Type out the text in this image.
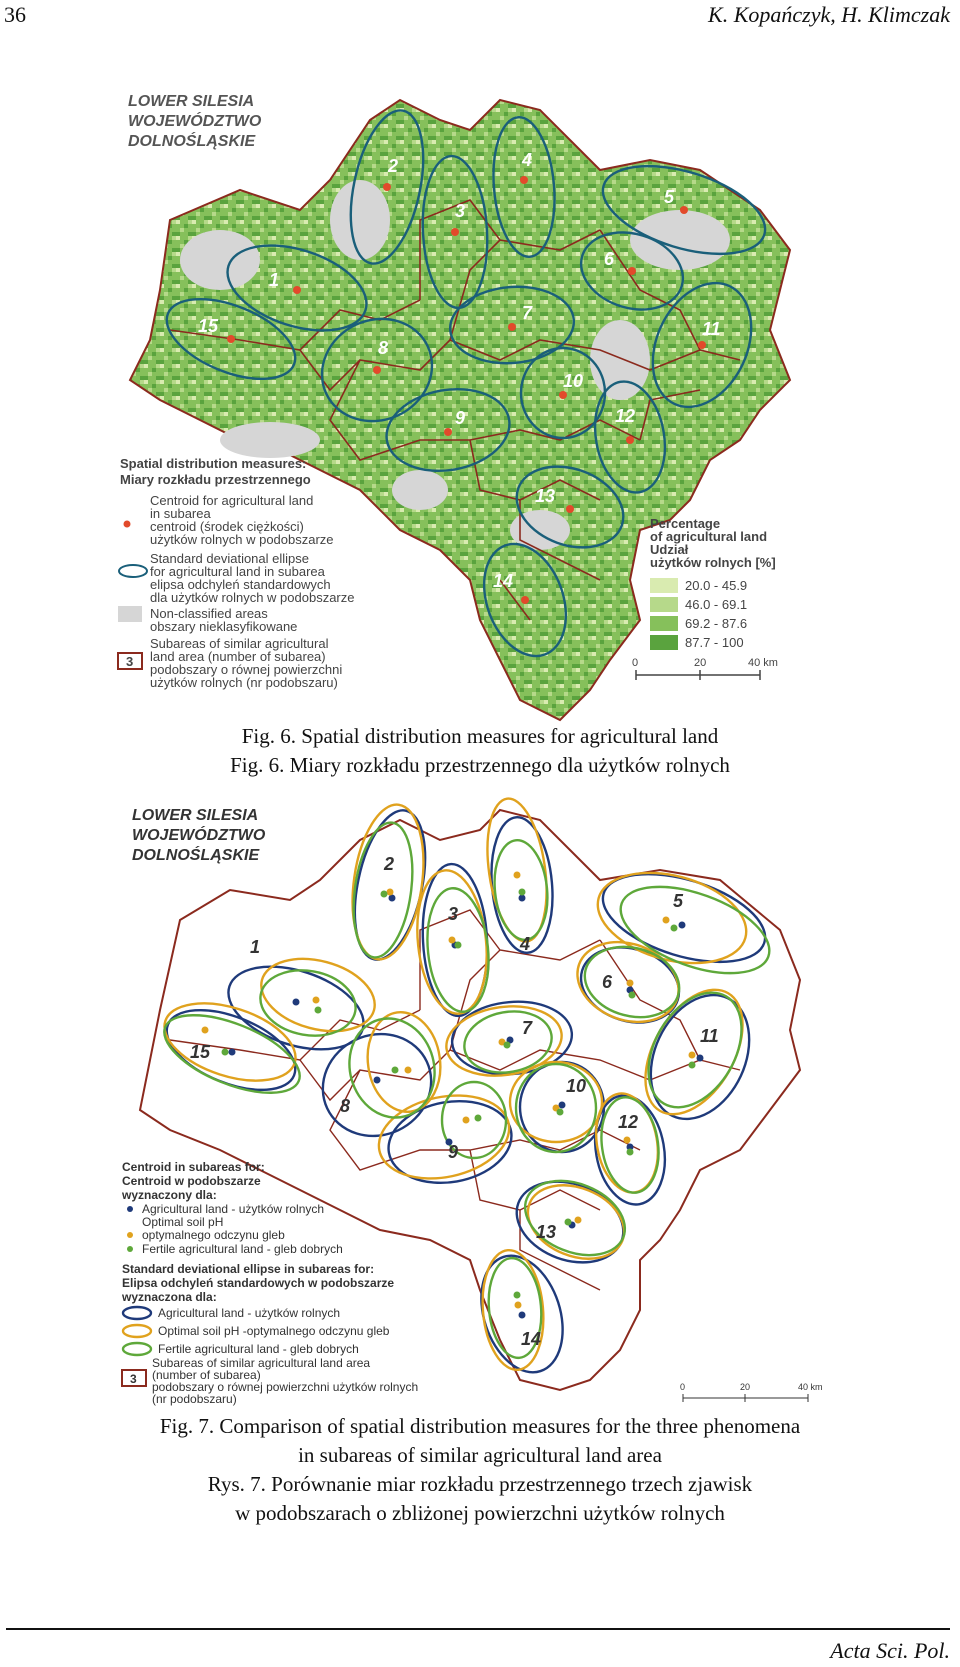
36	K. Kopańczyk, H. Klimczak
1
2
3
4
5
6
7
8
9
10
11
12
13
14
15
LOWER SILESIA
WOJEWÓDZTWO
DOLNOŚLĄSKIE
Spatial distribution measures:
Miary rozkładu przestrzennego
Centroid for agricultural land
in subarea
centroid (środek ciężkości)
użytków rolnych w podobszarze
Standard deviational ellipse
for agricultural land in subarea
elipsa odchyleń standardowych
dla użytków rolnych w podobszarze
Non-classified areas
obszary nieklasyfikowane
3
Subareas of similar agricultural
land area (number of subarea)
podobszary o równej powierzchni
użytków rolnych (nr podobszaru)
Percentage
of agricultural land
Udział
użytków rolnych [%]
20.0 - 45.9
46.0 - 69.1
69.2 - 87.6
87.7 - 100
0	20	40 km
Fig. 6. Spatial distribution measures for agricultural land
Fig. 6. Miary rozkładu przestrzennego dla użytków rolnych
1
2
3
4
5
6
7
8
9
10
11
12
13
14
15
LOWER SILESIA
WOJEWÓDZTWO
DOLNOŚLĄSKIE
Centroid in subareas for:
Centroid w podobszarze
wyznaczony dla:
Agricultural land - użytków rolnych
Optimal soil pH
optymalnego odczynu gleb
Fertile agricultural land - gleb dobrych
Standard deviational ellipse in subareas for:
Elipsa odchyleń standardowych w podobszarze
wyznaczona dla:
Agricultural land - użytków rolnych
Optimal soil pH -optymalnego odczynu gleb
Fertile agricultural land - gleb dobrych
3
Subareas of similar agricultural land area
(number of subarea)
podobszary o równej powierzchni użytków rolnych
(nr podobszaru)
0	20	40 km
Fig. 7. Comparison of spatial distribution measures for the three phenomena
in subareas of similar agricultural land area
Rys. 7. Porównanie miar rozkładu przestrzennego trzech zjawisk
w podobszarach o zbliżonej powierzchni użytków rolnych
Acta Sci. Pol.
